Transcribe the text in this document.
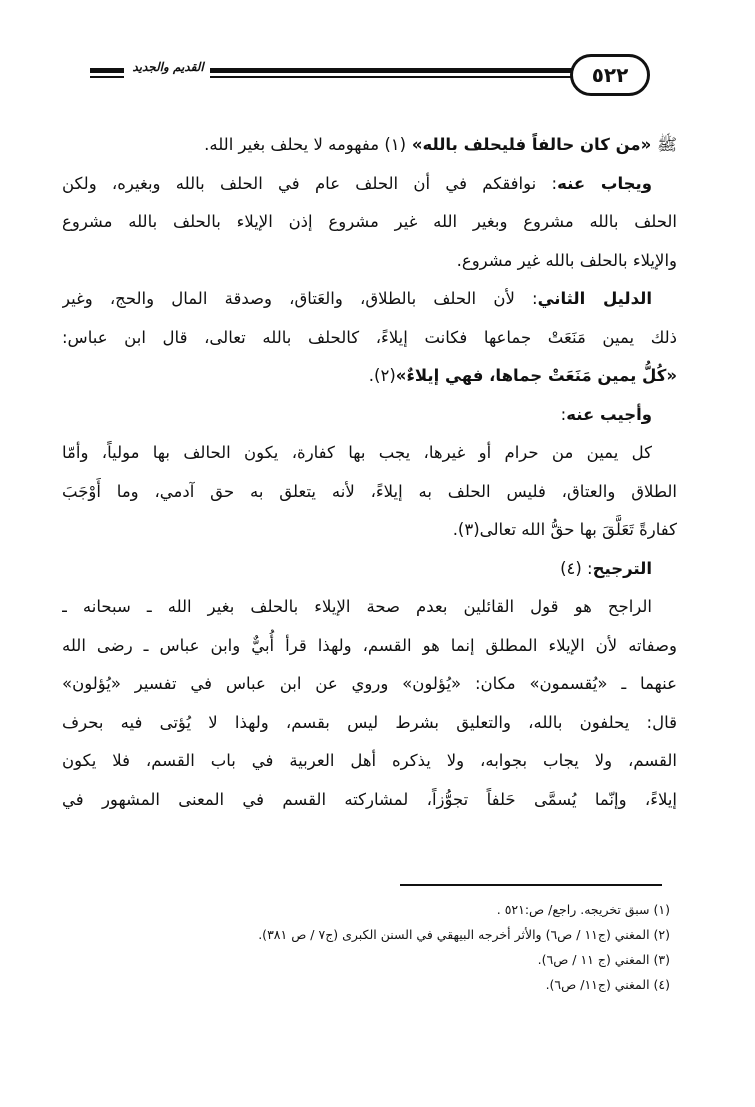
القديم والجديد	٥٢٢
ﷺ «من كان حالفاً فليحلف بالله» (١) مفهومه لا يحلف بغير الله.
ويجاب عنه: نوافقكم في أن الحلف عام في الحلف بالله وبغيره، ولكن
الحلف بالله مشروع وبغير الله غير مشروع إذن الإيلاء بالحلف بالله مشروع
والإيلاء بالحلف بالله غير مشروع.
الدليل الثاني: لأن الحلف بالطلاق، والعَتاق، وصدقة المال والحج، وغير
ذلك يمين مَنَعَتْ جماعها فكانت إيلاءً، كالحلف بالله تعالى، قال ابن عباس:
«كُلُّ يمين مَنَعَتْ جماها، فهي إيلاءٌ»(٢).
وأجيب عنه:
كل يمين من حرام أو غيرها، يجب بها كفارة، يكون الحالف بها مولياً، وأمّا
الطلاق والعتاق، فليس الحلف به إيلاءً، لأنه يتعلق به حق آدمي، وما أَوْجَبَ
كفارةً تَعَلَّقَ بها حقُّ الله تعالى(٣).
الترجيح: (٤)
الراجح هو قول القائلين بعدم صحة الإيلاء بالحلف بغير الله ـ سبحانه ـ
وصفاته لأن الإيلاء المطلق إنما هو القسم، ولهذا قرأ أُبيٌّ وابن عباس ـ رضى الله
عنهما ـ «يُقسمون» مكان: «يُؤلون» وروي عن ابن عباس في تفسير «يُؤلون»
قال: يحلفون بالله، والتعليق بشرط ليس بقسم، ولهذا لا يُؤتى فيه بحرف
القسم، ولا يجاب بجوابه، ولا يذكره أهل العربية في باب القسم، فلا يكون
إيلاءً، وإنّما يُسمَّى حَلفاً تجوُّزاً، لمشاركته القسم في المعنى المشهور في
(١) سبق تخريجه. راجع/ ص:٥٢١ .
(٢) المغني (ج١١ / ص٦) والأثر أخرجه البيهقي في السنن الكبرى (ج٧ / ص ٣٨١).
(٣) المغني (ج ١١ / ص٦).
(٤) المغني (ج١١/ ص٦).
